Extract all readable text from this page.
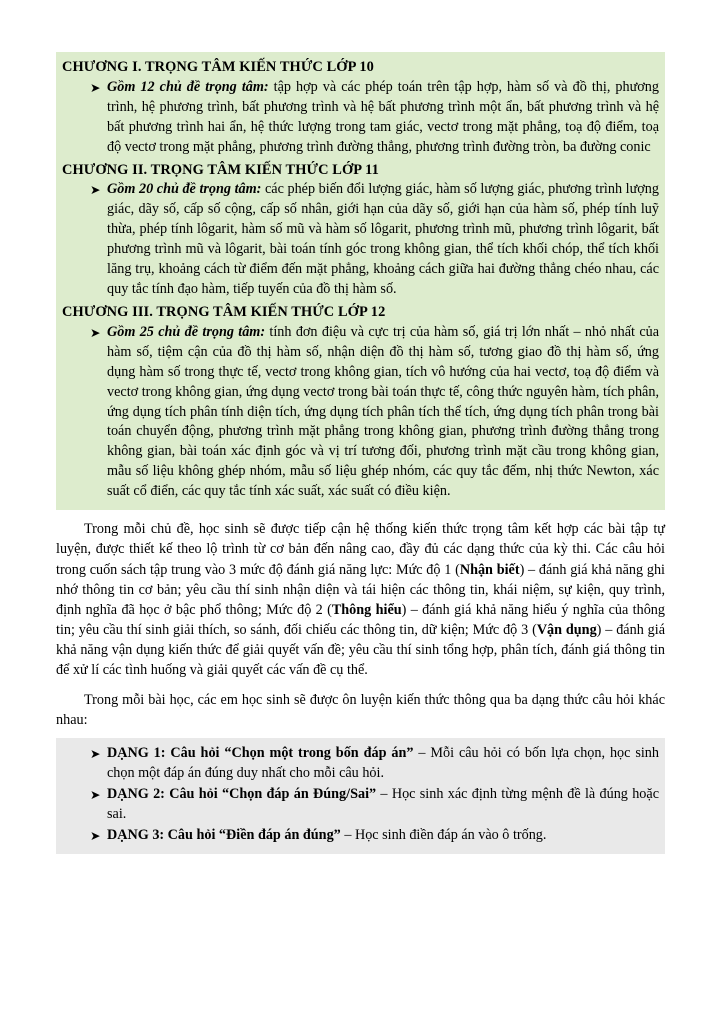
CHƯƠNG I. TRỌNG TÂM KIẾN THỨC LỚP 10
➤ Gồm 12 chủ đề trọng tâm: tập hợp và các phép toán trên tập hợp, hàm số và đồ thị, phương trình, hệ phương trình, bất phương trình và hệ bất phương trình một ẩn, bất phương trình và hệ bất phương trình hai ẩn, hệ thức lượng trong tam giác, vectơ trong mặt phẳng, toạ độ điểm, toạ độ vectơ trong mặt phẳng, phương trình đường thẳng, phương trình đường tròn, ba đường conic
CHƯƠNG II. TRỌNG TÂM KIẾN THỨC LỚP 11
➤ Gồm 20 chủ đề trọng tâm: các phép biến đổi lượng giác, hàm số lượng giác, phương trình lượng giác, dãy số, cấp số cộng, cấp số nhân, giới hạn của dãy số, giới hạn của hàm số, phép tính luỹ thừa, phép tính lôgarit, hàm số mũ và hàm số lôgarit, phương trình mũ, phương trình lôgarit, bất phương trình mũ và lôgarit, bài toán tính góc trong không gian, thể tích khối chóp, thể tích khối lăng trụ, khoảng cách từ điểm đến mặt phẳng, khoảng cách giữa hai đường thẳng chéo nhau, các quy tắc tính đạo hàm, tiếp tuyến của đồ thị hàm số.
CHƯƠNG III. TRỌNG TÂM KIẾN THỨC LỚP 12
➤ Gồm 25 chủ đề trọng tâm: tính đơn điệu và cực trị của hàm số, giá trị lớn nhất – nhỏ nhất của hàm số, tiệm cận của đồ thị hàm số, nhận diện đồ thị hàm số, tương giao đồ thị hàm số, ứng dụng hàm số trong thực tế, vectơ trong không gian, tích vô hướng của hai vectơ, toạ độ điểm và vectơ trong không gian, ứng dụng vectơ trong bài toán thực tế, công thức nguyên hàm, tích phân, ứng dụng tích phân tính diện tích, ứng dụng tích phân tích thể tích, ứng dụng tích phân trong bài toán chuyển động, phương trình mặt phẳng trong không gian, phương trình đường thẳng trong không gian, bài toán xác định góc và vị trí tương đối, phương trình mặt cầu trong không gian, mẫu số liệu không ghép nhóm, mẫu số liệu ghép nhóm, các quy tắc đếm, nhị thức Newton, xác suất cổ điển, các quy tắc tính xác suất, xác suất có điều kiện.

Trong mỗi chủ đề, học sinh sẽ được tiếp cận hệ thống kiến thức trọng tâm kết hợp các bài tập tự luyện, được thiết kế theo lộ trình từ cơ bản đến nâng cao, đầy đủ các dạng thức của kỳ thi. Các câu hỏi trong cuốn sách tập trung vào 3 mức độ đánh giá năng lực: Mức độ 1 (Nhận biết) – đánh giá khả năng ghi nhớ thông tin cơ bản; yêu cầu thí sinh nhận diện và tái hiện các thông tin, khái niệm, sự kiện, quy trình, định nghĩa đã học ở bậc phổ thông; Mức độ 2 (Thông hiểu) – đánh giá khả năng hiểu ý nghĩa của thông tin; yêu cầu thí sinh giải thích, so sánh, đối chiếu các thông tin, dữ kiện; Mức độ 3 (Vận dụng) – đánh giá khả năng vận dụng kiến thức để giải quyết vấn đề; yêu cầu thí sinh tổng hợp, phân tích, đánh giá thông tin để xử lí các tình huống và giải quyết các vấn đề cụ thể.

Trong mỗi bài học, các em học sinh sẽ được ôn luyện kiến thức thông qua ba dạng thức câu hỏi khác nhau:

➤ DẠNG 1: Câu hỏi “Chọn một trong bốn đáp án” – Mỗi câu hỏi có bốn lựa chọn, học sinh chọn một đáp án đúng duy nhất cho mỗi câu hỏi.
➤ DẠNG 2: Câu hỏi “Chọn đáp án Đúng/Sai” – Học sinh xác định từng mệnh đề là đúng hoặc sai.
➤ DẠNG 3: Câu hỏi “Điền đáp án đúng” – Học sinh điền đáp án vào ô trống.
